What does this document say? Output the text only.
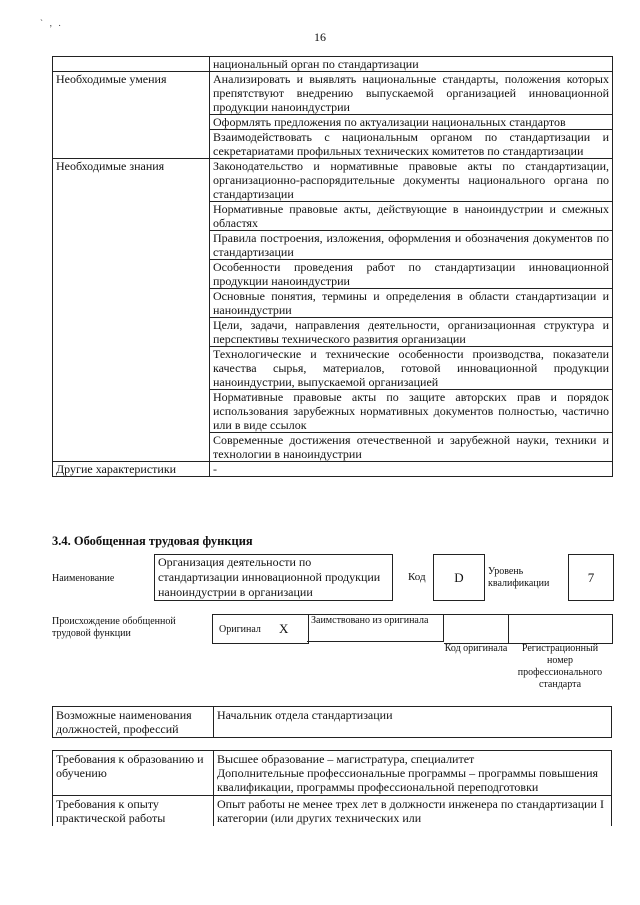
` ‚ .
16
	национальный орган по стандартизации
Необходимые умения	Анализировать и выявлять национальные стандарты, положения которых препятствуют внедрению выпускаемой организацией инновационной продукции наноиндустрии
	Оформлять предложения по актуализации национальных стандартов
	Взаимодействовать с национальным органом по стандартизации и секретариатами профильных технических комитетов по стандартизации
Необходимые знания	Законодательство и нормативные правовые акты по стандартизации, организационно-распорядительные документы национального органа по стандартизации
	Нормативные правовые акты, действующие в наноиндустрии и смежных областях
	Правила построения, изложения, оформления и обозначения документов по стандартизации
	Особенности проведения работ по стандартизации инновационной продукции наноиндустрии
	Основные понятия, термины и определения в области стандартизации и наноиндустрии
	Цели, задачи, направления деятельности, организационная структура и перспективы технического развития организации
	Технологические и технические особенности производства, показатели качества сырья, материалов, готовой инновационной продукции наноиндустрии, выпускаемой организацией
	Нормативные правовые акты по защите авторских прав и порядок использования зарубежных нормативных документов полностью, частично или в виде ссылок
	Современные достижения отечественной и зарубежной науки, техники и технологии в наноиндустрии
Другие характеристики	-
3.4. Обобщенная трудовая функция
Наименование
Организация деятельности по стандартизации инновационной продукции наноиндустрии в организации
Код	D	Уровень квалификации	7
Происхождение обобщенной трудовой функции	Оригинал X
Заимствовано из оригинала
Код оригинала	Регистрационный номер профессионального стандарта
Возможные наименования должностей, профессий	Начальник отдела стандартизации
Требования к образованию и обучению	Высшее образование – магистратура, специалитет
Дополнительные профессиональные программы – программы повышения квалификации, программы профессиональной переподготовки

Требования к опыту практической работы	Опыт работы не менее трех лет в должности инженера по стандартизации I категории (или других технических или
